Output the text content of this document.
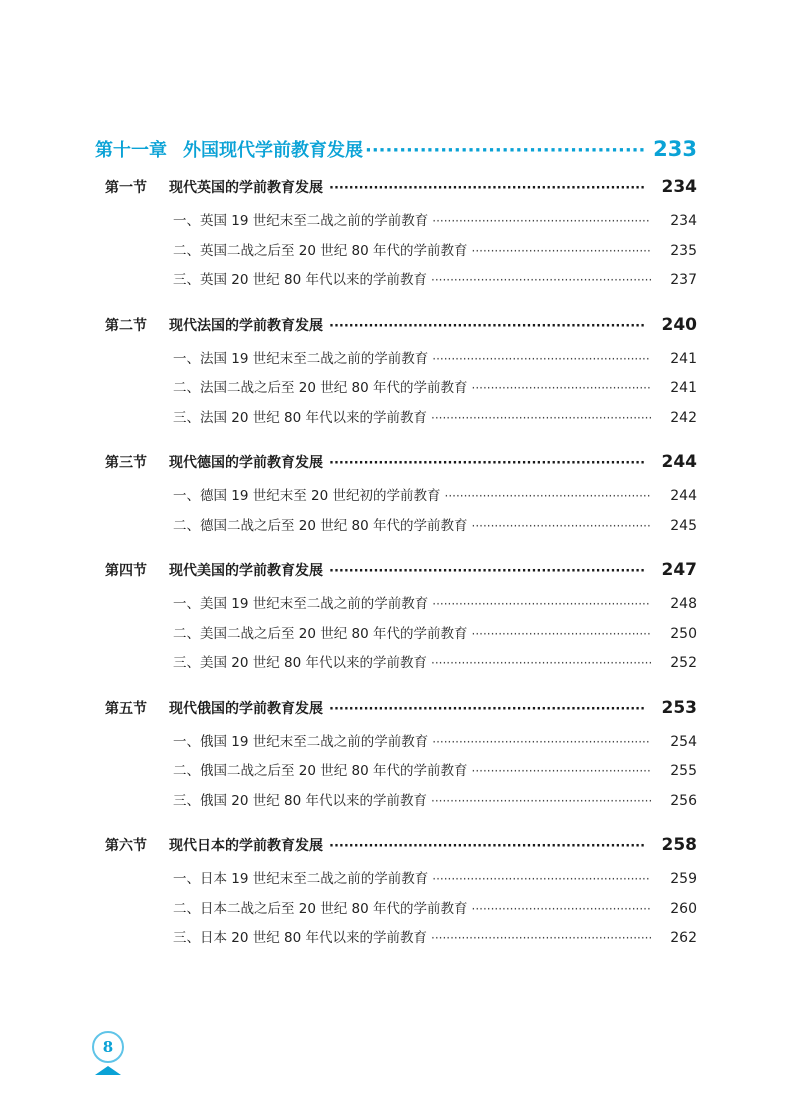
第十一章 外国现代学前教育发展 ·····	233
第一节	现代英国的学前教育发展 ·····	234
一、英国 19 世纪末至二战之前的学前教育 ·····	234
二、英国二战之后至 20 世纪 80 年代的学前教育 ·····	235
三、英国 20 世纪 80 年代以来的学前教育 ·····	237
第二节	现代法国的学前教育发展 ·····	240
一、法国 19 世纪末至二战之前的学前教育 ·····	241
二、法国二战之后至 20 世纪 80 年代的学前教育 ·····	241
三、法国 20 世纪 80 年代以来的学前教育 ·····	242
第三节	现代德国的学前教育发展 ·····	244
一、德国 19 世纪末至 20 世纪初的学前教育 ·····	244
二、德国二战之后至 20 世纪 80 年代的学前教育 ·····	245
第四节	现代美国的学前教育发展 ·····	247
一、美国 19 世纪末至二战之前的学前教育 ·····	248
二、美国二战之后至 20 世纪 80 年代的学前教育 ·····	250
三、美国 20 世纪 80 年代以来的学前教育 ·····	252
第五节	现代俄国的学前教育发展 ·····	253
一、俄国 19 世纪末至二战之前的学前教育 ·····	254
二、俄国二战之后至 20 世纪 80 年代的学前教育 ·····	255
三、俄国 20 世纪 80 年代以来的学前教育 ·····	256
第六节	现代日本的学前教育发展 ·····	258
一、日本 19 世纪末至二战之前的学前教育 ·····	259
二、日本二战之后至 20 世纪 80 年代的学前教育 ·····	260
三、日本 20 世纪 80 年代以来的学前教育 ·····	262
8
